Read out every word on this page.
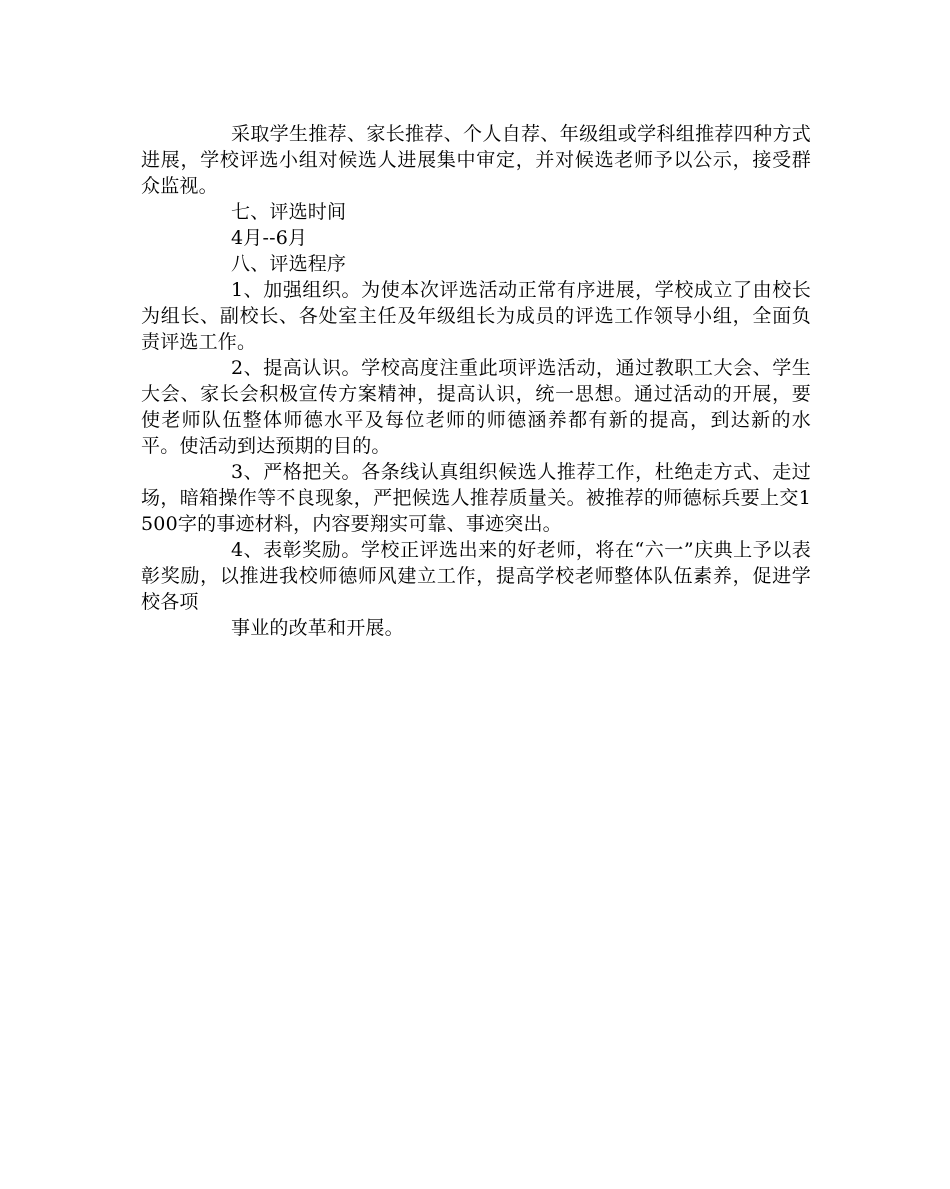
采取学生推荐、家长推荐、个人自荐、年级组或学科组推荐四种方式进展，学校评选小组对候选人进展集中审定，并对候选老师予以公示，接受群众监视。

七、评选时间

4月--6月

八、评选程序

1、加强组织。为使本次评选活动正常有序进展，学校成立了由校长为组长、副校长、各处室主任及年级组长为成员的评选工作领导小组，全面负责评选工作。

2、提高认识。学校高度注重此项评选活动，通过教职工大会、学生大会、家长会积极宣传方案精神，提高认识，统一思想。通过活动的开展，要使老师队伍整体师德水平及每位老师的师德涵养都有新的提高，到达新的水平。使活动到达预期的目的。

3、严格把关。各条线认真组织候选人推荐工作，杜绝走方式、走过场，暗箱操作等不良现象，严把候选人推荐质量关。被推荐的师德标兵要上交1500字的事迹材料，内容要翔实可靠、事迹突出。

4、表彰奖励。学校正评选出来的好老师，将在“六一”庆典上予以表彰奖励，以推进我校师德师风建立工作，提高学校老师整体队伍素养，促进学校各项

事业的改革和开展。
